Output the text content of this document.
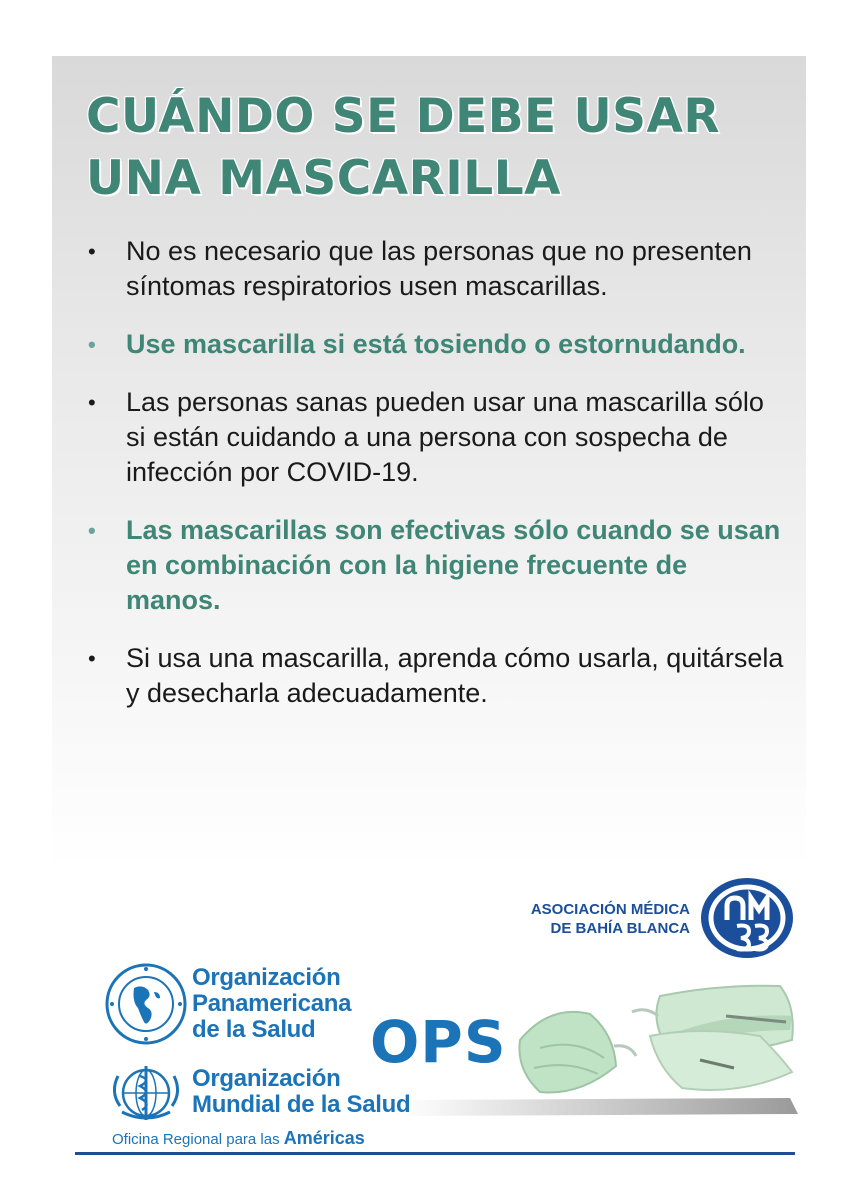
CUÁNDO SE DEBE USAR
UNA MASCARILLA
• No es necesario que las personas que no presenten síntomas respiratorios usen mascarillas.
• Use mascarilla si está tosiendo o estornudando.
• Las personas sanas pueden usar una mascarilla sólo si están cuidando a una persona con sospecha de infección por COVID-19.
• Las mascarillas son efectivas sólo cuando se usan en combinación con la higiene frecuente de manos.
• Si usa una mascarilla, aprenda cómo usarla, quitársela y desecharla adecuadamente.
ASOCIACIÓN MÉDICA
DE BAHÍA BLANCA
Organización
Panamericana
de la Salud OPS
Organización
Mundial de la Salud
Oficina Regional para las Américas
